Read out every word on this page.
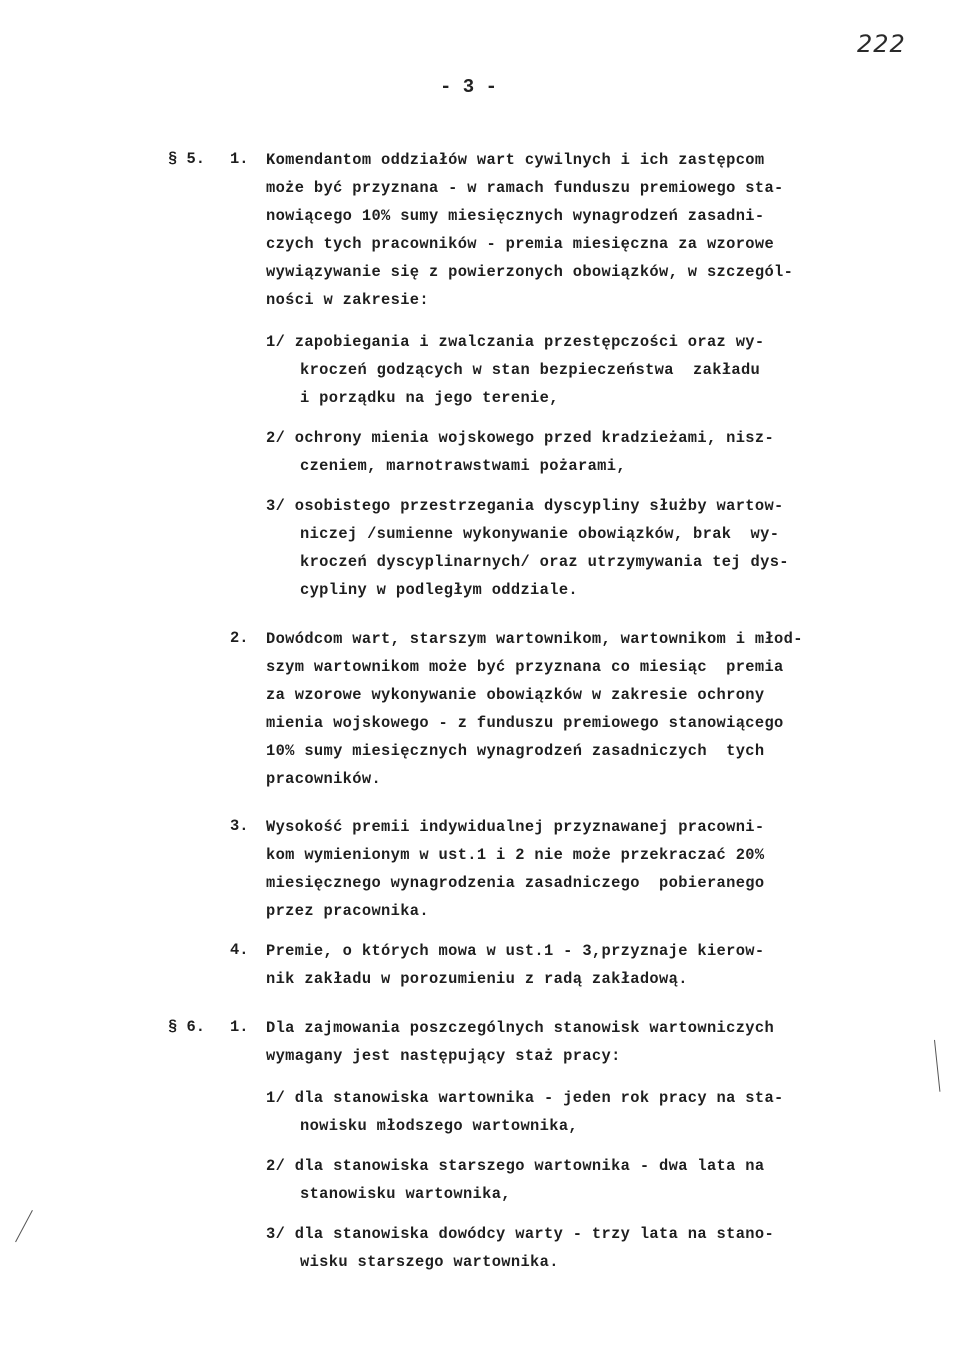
222
- 3 -
§ 5. 1. Komendantom oddziałów wart cywilnych i ich zastępcom
może być przyznana - w ramach funduszu premiowego sta-
nowiącego 10% sumy miesięcznych wynagrodzeń zasadni-
czych tych pracowników - premia miesięczna za wzorowe
wywiązywanie się z powierzonych obowiązków, w szczegól-
ności w zakresie:
1/ zapobiegania i zwalczania przestępczości oraz wy-
kroczeń godzących w stan bezpieczeństwa  zakładu
i porządku na jego terenie,
2/ ochrony mienia wojskowego przed kradzieżami, nisz-
czeniem, marnotrawstwami pożarami,
3/ osobistego przestrzegania dyscypliny służby wartow-
niczej /sumienne wykonywanie obowiązków, brak  wy-
kroczeń dyscyplinarnych/ oraz utrzymywania tej dys-
cypliny w podległym oddziale.
2. Dowódcom wart, starszym wartownikom, wartownikom i młod-
szym wartownikom może być przyznana co miesiąc  premia
za wzorowe wykonywanie obowiązków w zakresie ochrony
mienia wojskowego - z funduszu premiowego stanowiącego
10% sumy miesięcznych wynagrodzeń zasadniczych  tych
pracowników.
3. Wysokość premii indywidualnej przyznawanej pracowni-
kom wymienionym w ust.1 i 2 nie może przekraczać 20%
miesięcznego wynagrodzenia zasadniczego  pobieranego
przez pracownika.
4. Premie, o których mowa w ust.1 - 3,przyznaje kierow-
nik zakładu w porozumieniu z radą zakładową.
§ 6. 1. Dla zajmowania poszczególnych stanowisk wartowniczych
wymagany jest następujący staż pracy:
1/ dla stanowiska wartownika - jeden rok pracy na sta-
nowisku młodszego wartownika,
2/ dla stanowiska starszego wartownika - dwa lata na
stanowisku wartownika,
3/ dla stanowiska dowódcy warty - trzy lata na stano-
wisku starszego wartownika.
